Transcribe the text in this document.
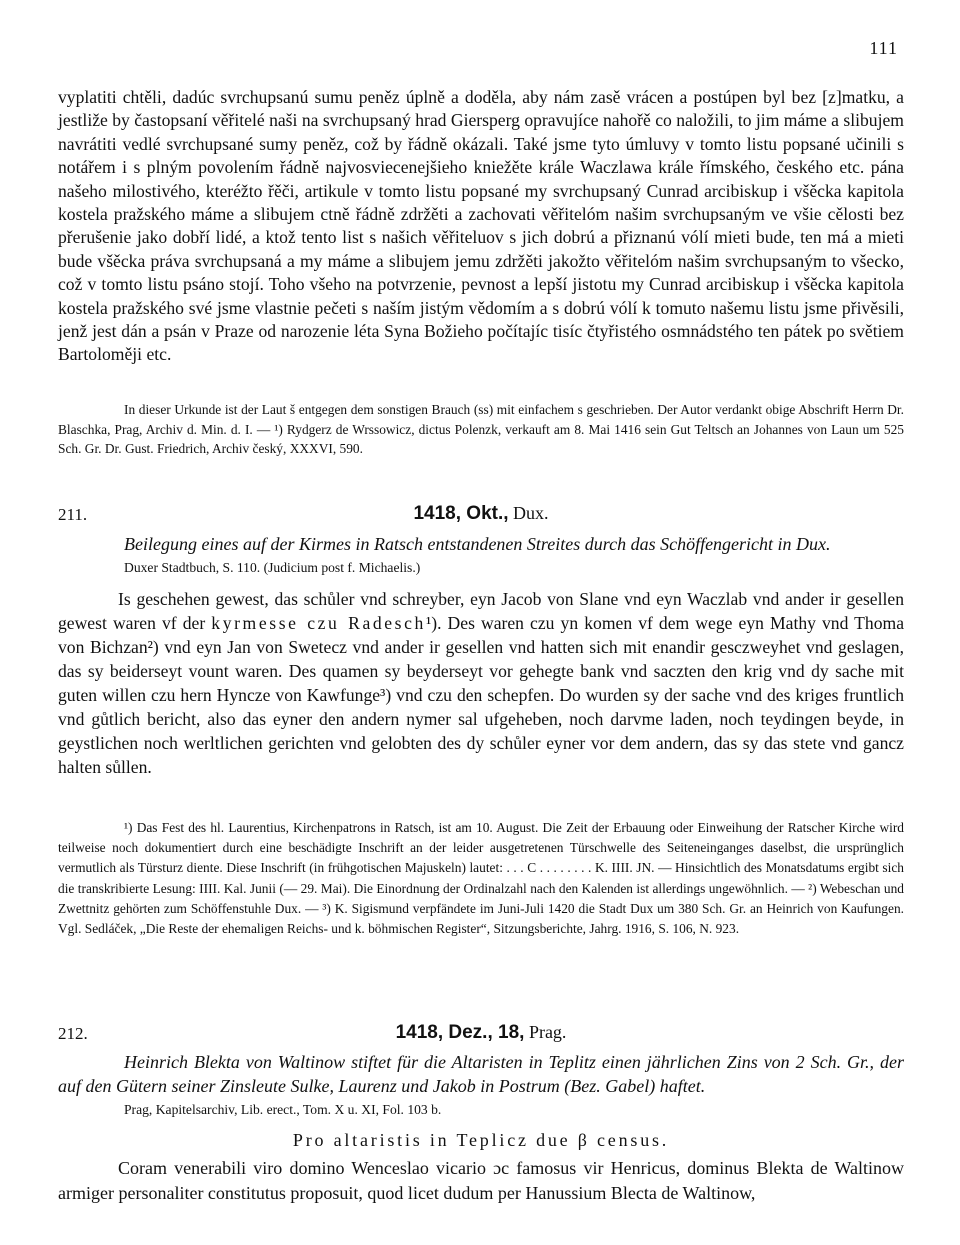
111
vyplatiti chtěli, dadúc svrchupsanú sumu peněz úplně a doděla, aby nám zasě vrácen a postúpen byl bez [z]matku, a jestliže by častopsaní věřitelé naši na svrchupsaný hrad Giersperg opravujíce nahořě co naložili, to jim máme a slibujem navrátiti vedlé svrchupsané sumy peněz, což by řádně okázali. Také jsme tyto úmluvy v tomto listu popsané učinili s notářem i s plným povolením řádně najvosviecenejšieho kniežěte krále Waczlawa krále římského, českého etc. pána našeho milostivého, kteréžto řěči, artikule v tomto listu popsané my svrchupsaný Cunrad arcibiskup i všěcka kapitola kostela pražského máme a slibujem ctně řádně zdržěti a zachovati věřitelóm našim svrchupsaným ve všie cělosti bez přerušenie jako dobří lidé, a ktož tento list s našich věřiteluov s jich dobrú a přiznanú vólí mieti bude, ten má a mieti bude všěcka práva svrchupsaná a my máme a slibujem jemu zdržěti jakožto věřitelóm našim svrchupsaným to všecko, což v tomto listu psáno stojí. Toho všeho na potvrzenie, pevnost a lepší jistotu my Cunrad arcibiskup i všěcka kapitola kostela pražského své jsme vlastnie pečeti s naším jistým vědomím a s dobrú vólí k tomuto našemu listu jsme přivěsili, jenž jest dán a psán v Praze od narozenie léta Syna Božieho počítajíc tisíc čtyřistého osmnádstého ten pátek po světiem Bartoloměji etc.
In dieser Urkunde ist der Laut š entgegen dem sonstigen Brauch (ss) mit einfachem s geschrieben. Der Autor verdankt obige Abschrift Herrn Dr. Blaschka, Prag, Archiv d. Min. d. I. — ¹) Rydgerz de Wrssowicz, dictus Polenzk, verkauft am 8. Mai 1416 sein Gut Teltsch an Johannes von Laun um 525 Sch. Gr. Dr. Gust. Friedrich, Archiv český, XXXVI, 590.
211.	1418, Okt., Dux.
Beilegung eines auf der Kirmes in Ratsch entstandenen Streites durch das Schöffengericht in Dux.
Duxer Stadtbuch, S. 110. (Judicium post f. Michaelis.)
Is geschehen gewest, das schůler vnd schreyber, eyn Jacob von Slane vnd eyn Waczlab vnd ander ir gesellen gewest waren vf der kyrmesse czu Radesch¹). Des waren czu yn komen vf dem wege eyn Mathy vnd Thoma von Bichzan²) vnd eyn Jan von Swetecz vnd ander ir gesellen vnd hatten sich mit enandir gesczweyhet vnd geslagen, das sy beiderseyt vount waren. Des quamen sy beyderseyt vor gehegte bank vnd saczten den krig vnd dy sache mit guten willen czu hern Hyncze von Kawfunge³) vnd czu den schepfen. Do wurden sy der sache vnd des kriges fruntlich vnd gůtlich bericht, also das eyner den andern nymer sal ufgeheben, noch darvme laden, noch teydingen beyde, in geystlichen noch werltlichen gerichten vnd gelobten des dy schůler eyner vor dem andern, das sy das stete vnd gancz halten sůllen.
¹) Das Fest des hl. Laurentius, Kirchenpatrons in Ratsch, ist am 10. August. Die Zeit der Erbauung oder Einweihung der Ratscher Kirche wird teilweise noch dokumentiert durch eine beschädigte Inschrift an der leider ausgetretenen Türschwelle des Seiteneinganges daselbst, die ursprünglich vermutlich als Türsturz diente. Diese Inschrift (in frühgotischen Majuskeln) lautet: . . . C . . . . . . . . K. IIII. JN. — Hinsichtlich des Monatsdatums ergibt sich die transkribierte Lesung: IIII. Kal. Junii (— 29. Mai). Die Einordnung der Ordinalzahl nach den Kalenden ist allerdings ungewöhnlich. — ²) Webeschan und Zwettnitz gehörten zum Schöffenstuhle Dux. — ³) K. Sigismund verpfändete im Juni-Juli 1420 die Stadt Dux um 380 Sch. Gr. an Heinrich von Kaufungen. Vgl. Sedláček, „Die Reste der ehemaligen Reichs- und k. böhmischen Register“, Sitzungsberichte, Jahrg. 1916, S. 106, N. 923.
212.	1418, Dez., 18, Prag.
Heinrich Blekta von Waltinow stiftet für die Altaristen in Teplitz einen jährlichen Zins von 2 Sch. Gr., der auf den Gütern seiner Zinsleute Sulke, Laurenz und Jakob in Postrum (Bez. Gabel) haftet.
Prag, Kapitelsarchiv, Lib. erect., Tom. X u. XI, Fol. 103 b.
Pro altaristis in Teplicz due β census.
Coram venerabili viro domino Wenceslao vicario ɔc famosus vir Henricus, dominus Blekta de Waltinow armiger personaliter constitutus proposuit, quod licet dudum per Hanussium Blecta de Waltinow,
